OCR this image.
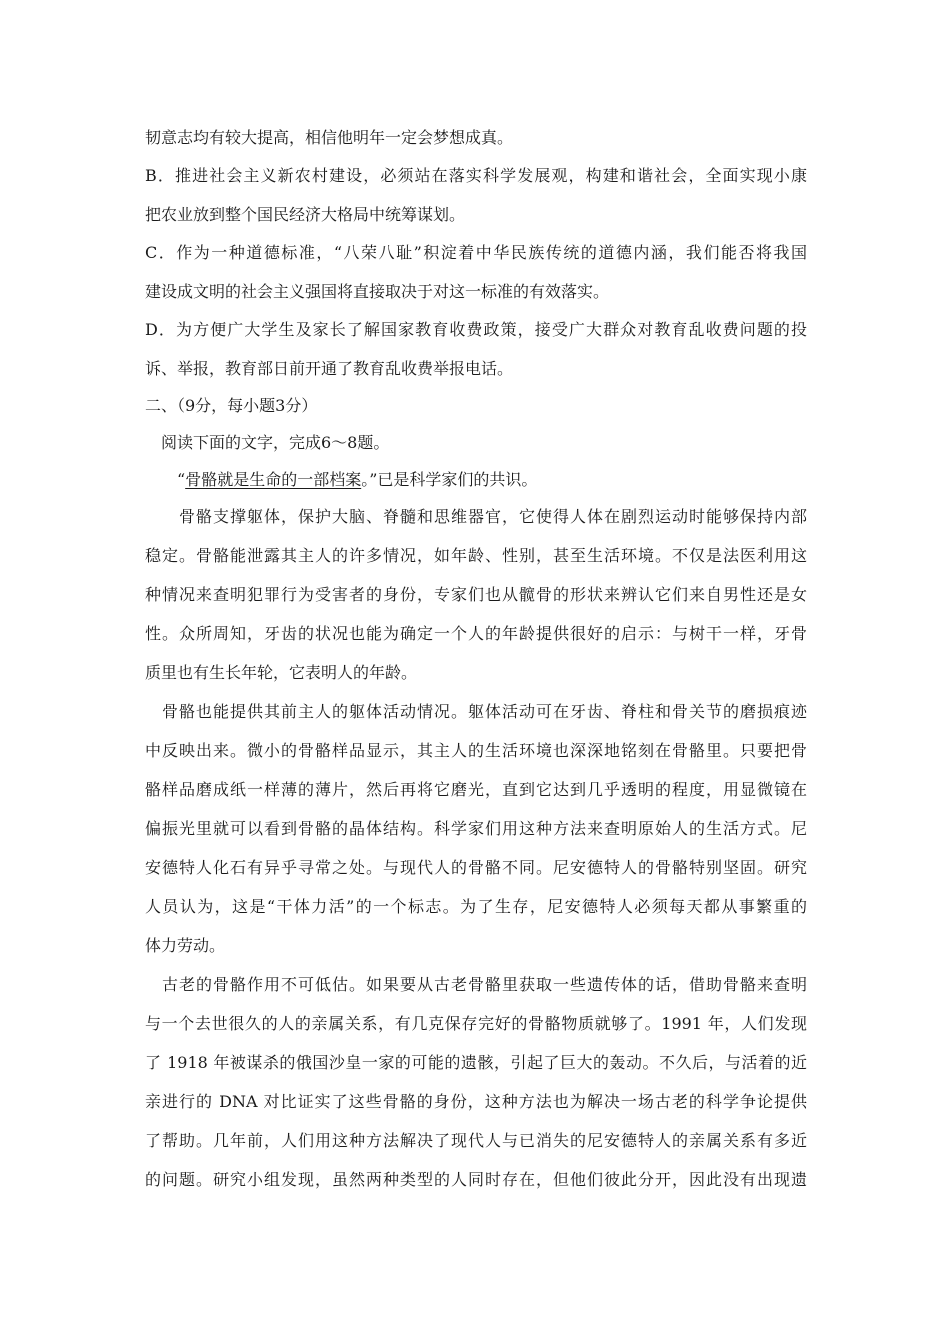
韧意志均有较大提高，相信他明年一定会梦想成真。
B．推进社会主义新农村建设，必须站在落实科学发展观，构建和谐社会，全面实现小康
把农业放到整个国民经济大格局中统筹谋划。
C．作为一种道德标准，“八荣八耻”积淀着中华民族传统的道德内涵，我们能否将我国
建设成文明的社会主义强国将直接取决于对这一标准的有效落实。
D．为方便广大学生及家长了解国家教育收费政策，接受广大群众对教育乱收费问题的投
诉、举报，教育部日前开通了教育乱收费举报电话。
二、（9分，每小题3分）
　阅读下面的文字，完成6～8题。
　　“骨骼就是生命的一部档案。”已是科学家们的共识。
　　骨骼支撑躯体，保护大脑、脊髓和思维器官，它使得人体在剧烈运动时能够保持内部
稳定。骨骼能泄露其主人的许多情况，如年龄、性别，甚至生活环境。不仅是法医利用这
种情况来查明犯罪行为受害者的身份，专家们也从髋骨的形状来辨认它们来自男性还是女
性。众所周知，牙齿的状况也能为确定一个人的年龄提供很好的启示：与树干一样，牙骨
质里也有生长年轮，它表明人的年龄。
　骨骼也能提供其前主人的躯体活动情况。躯体活动可在牙齿、脊柱和骨关节的磨损痕迹
中反映出来。微小的骨骼样品显示，其主人的生活环境也深深地铭刻在骨骼里。只要把骨
骼样品磨成纸一样薄的薄片，然后再将它磨光，直到它达到几乎透明的程度，用显微镜在
偏振光里就可以看到骨骼的晶体结构。科学家们用这种方法来查明原始人的生活方式。尼
安德特人化石有异乎寻常之处。与现代人的骨骼不同。尼安德特人的骨骼特别坚固。研究
人员认为，这是“干体力活”的一个标志。为了生存，尼安德特人必须每天都从事繁重的
体力劳动。
　古老的骨骼作用不可低估。如果要从古老骨骼里获取一些遗传体的话，借助骨骼来查明
与一个去世很久的人的亲属关系，有几克保存完好的骨骼物质就够了。1991 年，人们发现
了 1918 年被谋杀的俄国沙皇一家的可能的遗骸，引起了巨大的轰动。不久后，与活着的近
亲进行的 DNA 对比证实了这些骨骼的身份，这种方法也为解决一场古老的科学争论提供
了帮助。几年前，人们用这种方法解决了现代人与已消失的尼安德特人的亲属关系有多近
的问题。研究小组发现，虽然两种类型的人同时存在，但他们彼此分开，因此没有出现遗
